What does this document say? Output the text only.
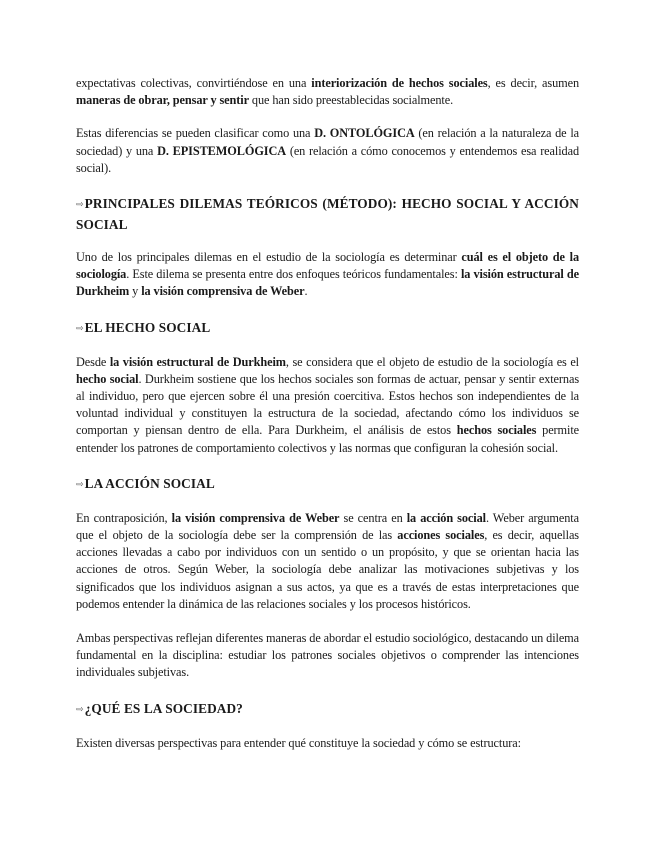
expectativas colectivas, convirtiéndose en una interiorización de hechos sociales, es decir, asumen maneras de obrar, pensar y sentir que han sido preestablecidas socialmente.

Estas diferencias se pueden clasificar como una D. ONTOLÓGICA (en relación a la naturaleza de la sociedad) y una D. EPISTEMOLÓGICA (en relación a cómo conocemos y entendemos esa realidad social).

⇨PRINCIPALES DILEMAS TEÓRICOS (MÉTODO): HECHO SOCIAL Y ACCIÓN SOCIAL

Uno de los principales dilemas en el estudio de la sociología es determinar cuál es el objeto de la sociología. Este dilema se presenta entre dos enfoques teóricos fundamentales: la visión estructural de Durkheim y la visión comprensiva de Weber.

⇨EL HECHO SOCIAL

Desde la visión estructural de Durkheim, se considera que el objeto de estudio de la sociología es el hecho social. Durkheim sostiene que los hechos sociales son formas de actuar, pensar y sentir externas al individuo, pero que ejercen sobre él una presión coercitiva. Estos hechos son independientes de la voluntad individual y constituyen la estructura de la sociedad, afectando cómo los individuos se comportan y piensan dentro de ella. Para Durkheim, el análisis de estos hechos sociales permite entender los patrones de comportamiento colectivos y las normas que configuran la cohesión social.

⇨LA ACCIÓN SOCIAL

En contraposición, la visión comprensiva de Weber se centra en la acción social. Weber argumenta que el objeto de la sociología debe ser la comprensión de las acciones sociales, es decir, aquellas acciones llevadas a cabo por individuos con un sentido o un propósito, y que se orientan hacia las acciones de otros. Según Weber, la sociología debe analizar las motivaciones subjetivas y los significados que los individuos asignan a sus actos, ya que es a través de estas interpretaciones que podemos entender la dinámica de las relaciones sociales y los procesos históricos.

Ambas perspectivas reflejan diferentes maneras de abordar el estudio sociológico, destacando un dilema fundamental en la disciplina: estudiar los patrones sociales objetivos o comprender las intenciones individuales subjetivas.

⇨¿QUÉ ES LA SOCIEDAD?

Existen diversas perspectivas para entender qué constituye la sociedad y cómo se estructura:
